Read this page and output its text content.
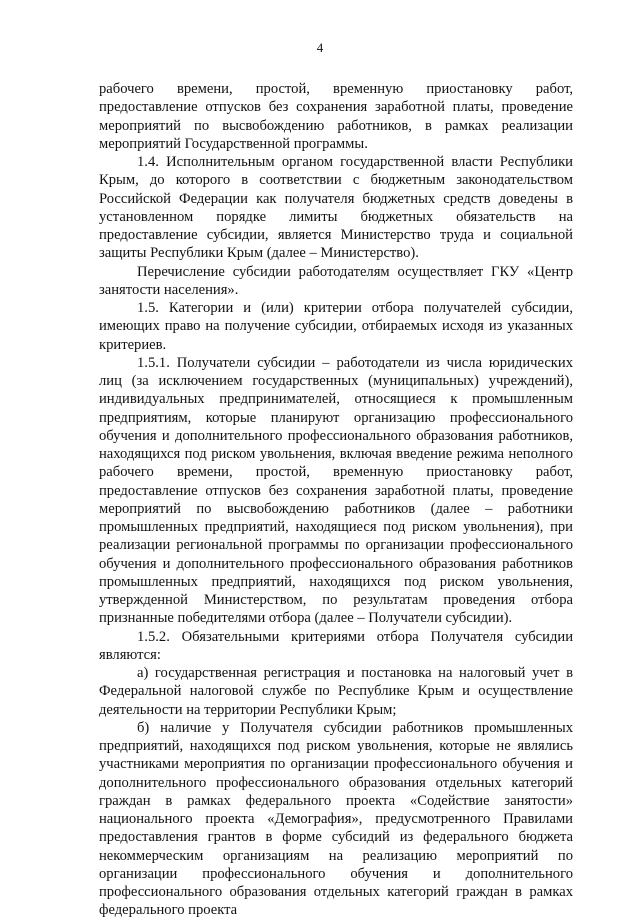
4

рабочего времени, простой, временную приостановку работ, предоставление отпусков без сохранения заработной платы, проведение мероприятий по высвобождению работников, в рамках реализации мероприятий Государственной программы.

1.4. Исполнительным органом государственной власти Республики Крым, до которого в соответствии с бюджетным законодательством Российской Федерации как получателя бюджетных средств доведены в установленном порядке лимиты бюджетных обязательств на предоставление субсидии, является Министерство труда и социальной защиты Республики Крым (далее – Министерство).

Перечисление субсидии работодателям осуществляет ГКУ «Центр занятости населения».

1.5. Категории и (или) критерии отбора получателей субсидии, имеющих право на получение субсидии, отбираемых исходя из указанных критериев.

1.5.1. Получатели субсидии – работодатели из числа юридических лиц (за исключением государственных (муниципальных) учреждений), индивидуальных предпринимателей, относящиеся к промышленным предприятиям, которые планируют организацию профессионального обучения и дополнительного профессионального образования работников, находящихся под риском увольнения, включая введение режима неполного рабочего времени, простой, временную приостановку работ, предоставление отпусков без сохранения заработной платы, проведение мероприятий по высвобождению работников (далее – работники промышленных предприятий, находящиеся под риском увольнения), при реализации региональной программы по организации профессионального обучения и дополнительного профессионального образования работников промышленных предприятий, находящихся под риском увольнения, утвержденной Министерством, по результатам проведения отбора признанные победителями отбора (далее – Получатели субсидии).

1.5.2. Обязательными критериями отбора Получателя субсидии являются:

а) государственная регистрация и постановка на налоговый учет в Федеральной налоговой службе по Республике Крым и осуществление деятельности на территории Республики Крым;

б) наличие у Получателя субсидии работников промышленных предприятий, находящихся под риском увольнения, которые не являлись участниками мероприятия по организации профессионального обучения и дополнительного профессионального образования отдельных категорий граждан в рамках федерального проекта «Содействие занятости» национального проекта «Демография», предусмотренного Правилами предоставления грантов в форме субсидий из федерального бюджета некоммерческим организациям на реализацию мероприятий по организации профессионального обучения и дополнительного профессионального образования отдельных категорий граждан в рамках федерального проекта
